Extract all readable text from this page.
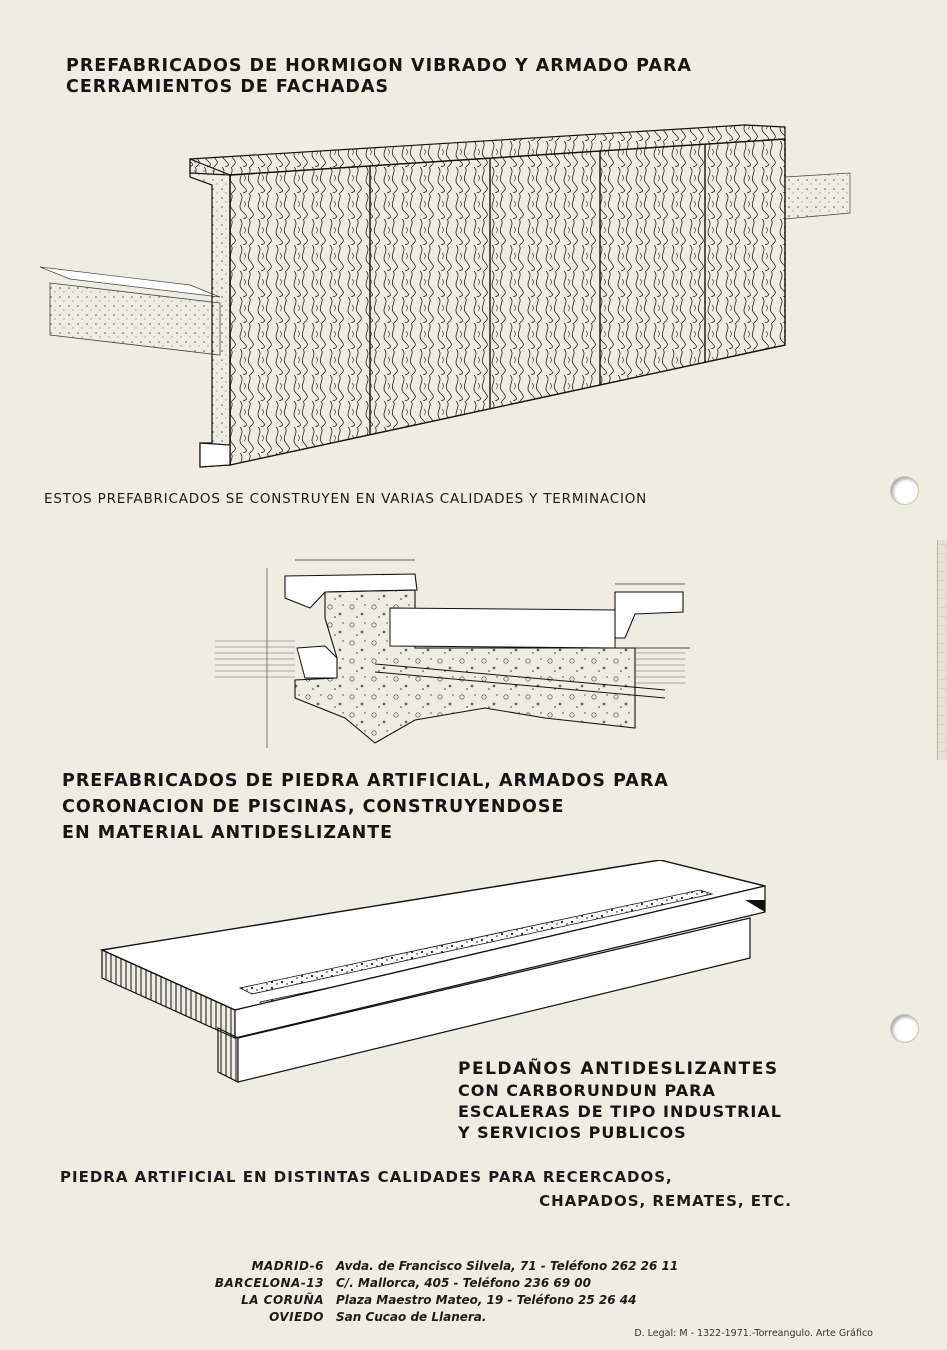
PREFABRICADOS DE HORMIGON VIBRADO Y ARMADO PARA
CERRAMIENTOS DE FACHADAS
ESTOS PREFABRICADOS SE CONSTRUYEN EN VARIAS CALIDADES Y TERMINACION
PREFABRICADOS DE PIEDRA ARTIFICIAL, ARMADOS PARA
CORONACION DE PISCINAS, CONSTRUYENDOSE
EN MATERIAL ANTIDESLIZANTE
PELDAÑOS ANTIDESLIZANTES
CON CARBORUNDUN PARA
ESCALERAS DE TIPO INDUSTRIAL
Y SERVICIOS PUBLICOS
PIEDRA ARTIFICIAL EN DISTINTAS CALIDADES PARA RECERCADOS,
CHAPADOS, REMATES, ETC.
MADRID-6	Avda. de Francisco Silvela, 71 - Teléfono 262 26 11
BARCELONA-13	C/. Mallorca, 405 - Teléfono 236 69 00
LA CORUÑA	Plaza Maestro Mateo, 19 - Teléfono 25 26 44
OVIEDO	San Cucao de Llanera.
D. Legal: M - 1322-1971.-Torreangulo. Arte Gráfico
